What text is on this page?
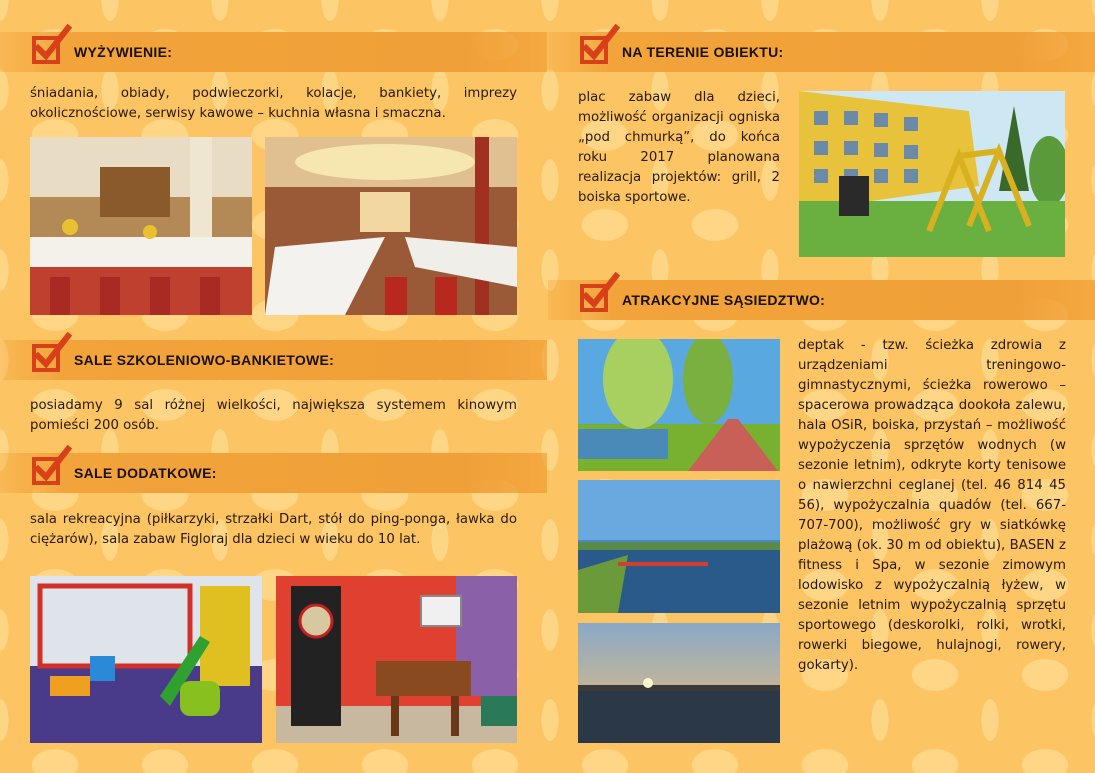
WYŻYWIENIE:
śniadania, obiady, podwieczorki, kolacje, bankiety, imprezy okolicznościowe, serwisy kawowe – kuchnia własna i smaczna.
SALE SZKOLENIOWO-BANKIETOWE:
posiadamy 9 sal różnej wielkości, największa systemem kinowym pomieści 200 osób.
SALE DODATKOWE:
sala rekreacyjna (piłkarzyki, strzałki Dart, stół do ping-ponga, ławka do ciężarów), sala zabaw Figloraj dla dzieci w wieku do 10 lat.
NA TERENIE OBIEKTU:
plac zabaw dla dzieci, możliwość organizacji ogniska „pod chmurką”, do końca roku 2017 planowana realizacja projektów: grill, 2 boiska sportowe.
ATRAKCYJNE SĄSIEDZTWO:
deptak - tzw. ścieżka zdrowia z urządzeniami treningowo-gimnastycznymi, ścieżka rowerowo – spacerowa prowadząca dookoła zalewu, hala OSiR, boiska, przystań – możliwość wypożyczenia sprzętów wodnych (w sezonie letnim), odkryte korty tenisowe o nawierzchni ceglanej (tel. 46 814 45 56), wypożyczalnia quadów (tel. 667-707-700), możliwość gry w siatkówkę plażową (ok. 30 m od obiektu), BASEN z fitness i Spa, w sezonie zimowym lodowisko z wypożyczalnią łyżew, w sezonie letnim wypożyczalnią sprzętu sportowego (deskorolki, rolki, wrotki, rowerki biegowe, hulajnogi, rowery, gokarty).
